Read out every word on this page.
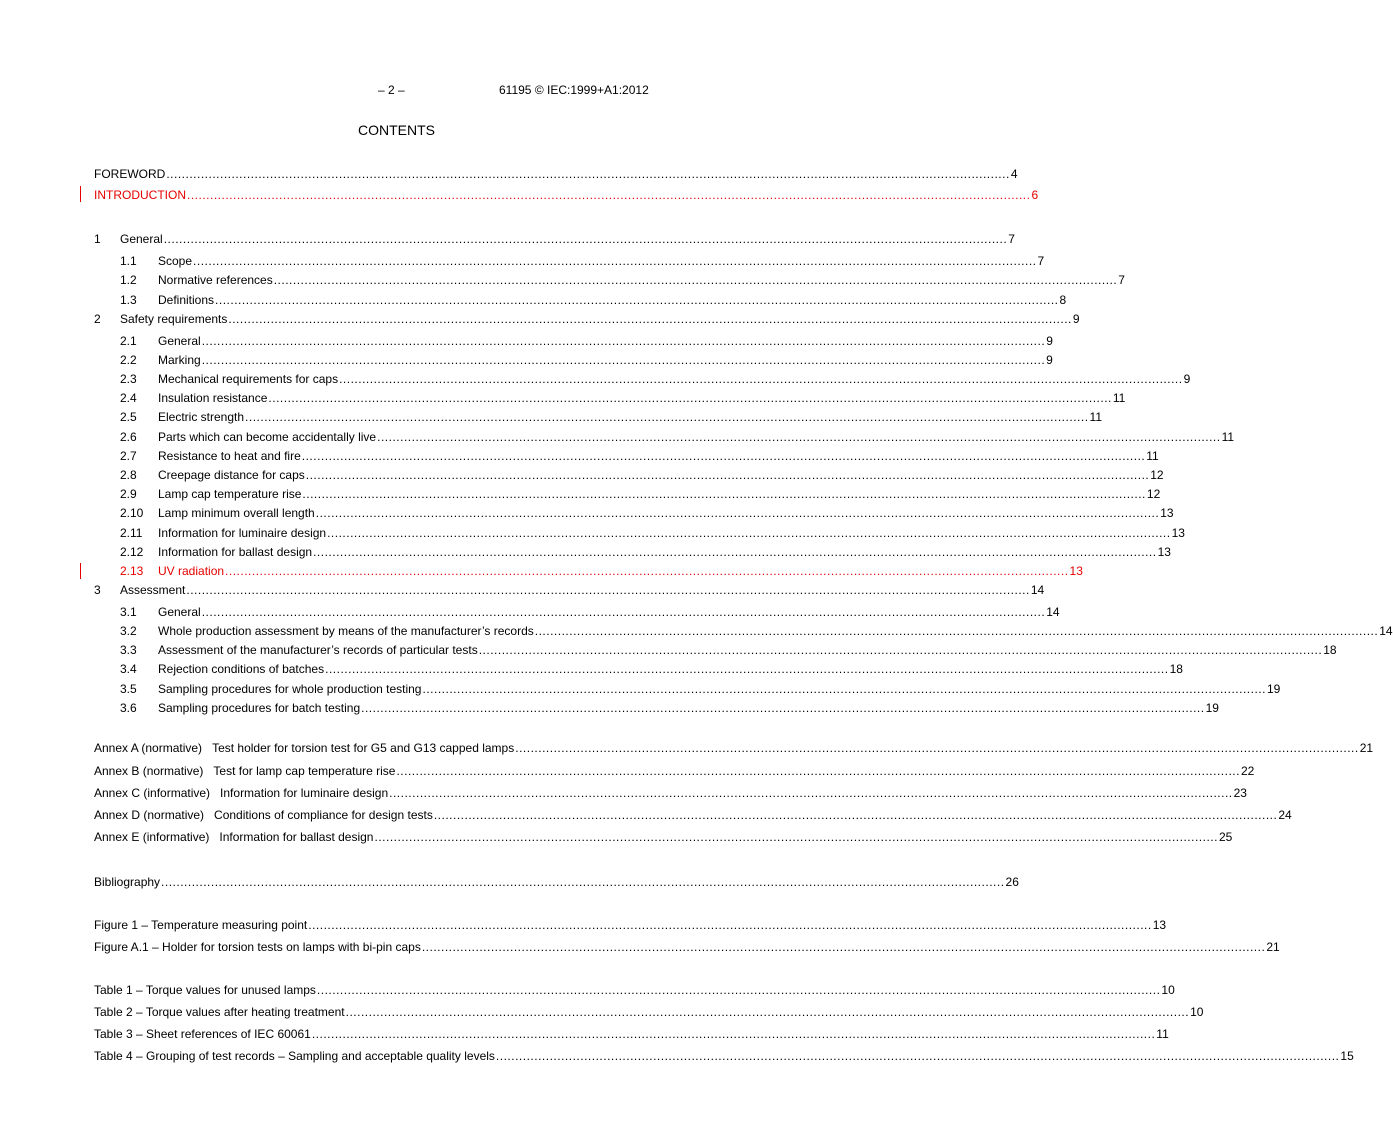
– 2 –	61195 © IEC:1999+A1:2012
CONTENTS
FOREWORD ............................................................................................................................................................................................................................ 4
INTRODUCTION ............................................................................................................................................................................................................................ 6
1 General ............................................................................................................................................................................................................................ 7
1.1 Scope ............................................................................................................................................................................................................................ 7
1.2 Normative references ............................................................................................................................................................................................................................ 7
1.3 Definitions ............................................................................................................................................................................................................................ 8
2 Safety requirements ............................................................................................................................................................................................................................ 9
2.1 General ............................................................................................................................................................................................................................ 9
2.2 Marking ............................................................................................................................................................................................................................ 9
2.3 Mechanical requirements for caps ............................................................................................................................................................................................................................ 9
2.4 Insulation resistance ............................................................................................................................................................................................................................ 11
2.5 Electric strength ............................................................................................................................................................................................................................ 11
2.6 Parts which can become accidentally live ............................................................................................................................................................................................................................ 11
2.7 Resistance to heat and fire ............................................................................................................................................................................................................................ 11
2.8 Creepage distance for caps ............................................................................................................................................................................................................................ 12
2.9 Lamp cap temperature rise ............................................................................................................................................................................................................................ 12
2.10 Lamp minimum overall length ............................................................................................................................................................................................................................ 13
2.11 Information for luminaire design ............................................................................................................................................................................................................................ 13
2.12 Information for ballast design ............................................................................................................................................................................................................................ 13
2.13 UV radiation ............................................................................................................................................................................................................................ 13
3 Assessment ............................................................................................................................................................................................................................ 14
3.1 General ............................................................................................................................................................................................................................ 14
3.2 Whole production assessment by means of the manufacturer’s records ............................................................................................................................................................................................................................ 14
3.3 Assessment of the manufacturer’s records of particular tests ............................................................................................................................................................................................................................ 18
3.4 Rejection conditions of batches ............................................................................................................................................................................................................................ 18
3.5 Sampling procedures for whole production testing ............................................................................................................................................................................................................................ 19
3.6 Sampling procedures for batch testing ............................................................................................................................................................................................................................ 19
Annex A (normative) Test holder for torsion test for G5 and G13 capped lamps ............................................................................................................................................................................................................................ 21
Annex B (normative) Test for lamp cap temperature rise ............................................................................................................................................................................................................................ 22
Annex C (informative) Information for luminaire design ............................................................................................................................................................................................................................ 23
Annex D (normative) Conditions of compliance for design tests ............................................................................................................................................................................................................................ 24
Annex E (informative) Information for ballast design ............................................................................................................................................................................................................................ 25
Bibliography ............................................................................................................................................................................................................................ 26
Figure 1 – Temperature measuring point ............................................................................................................................................................................................................................ 13
Figure A.1 – Holder for torsion tests on lamps with bi-pin caps ............................................................................................................................................................................................................................ 21
Table 1 – Torque values for unused lamps ............................................................................................................................................................................................................................ 10
Table 2 – Torque values after heating treatment ............................................................................................................................................................................................................................ 10
Table 3 – Sheet references of IEC 60061 ............................................................................................................................................................................................................................ 11
Table 4 – Grouping of test records – Sampling and acceptable quality levels ............................................................................................................................................................................................................................ 15
